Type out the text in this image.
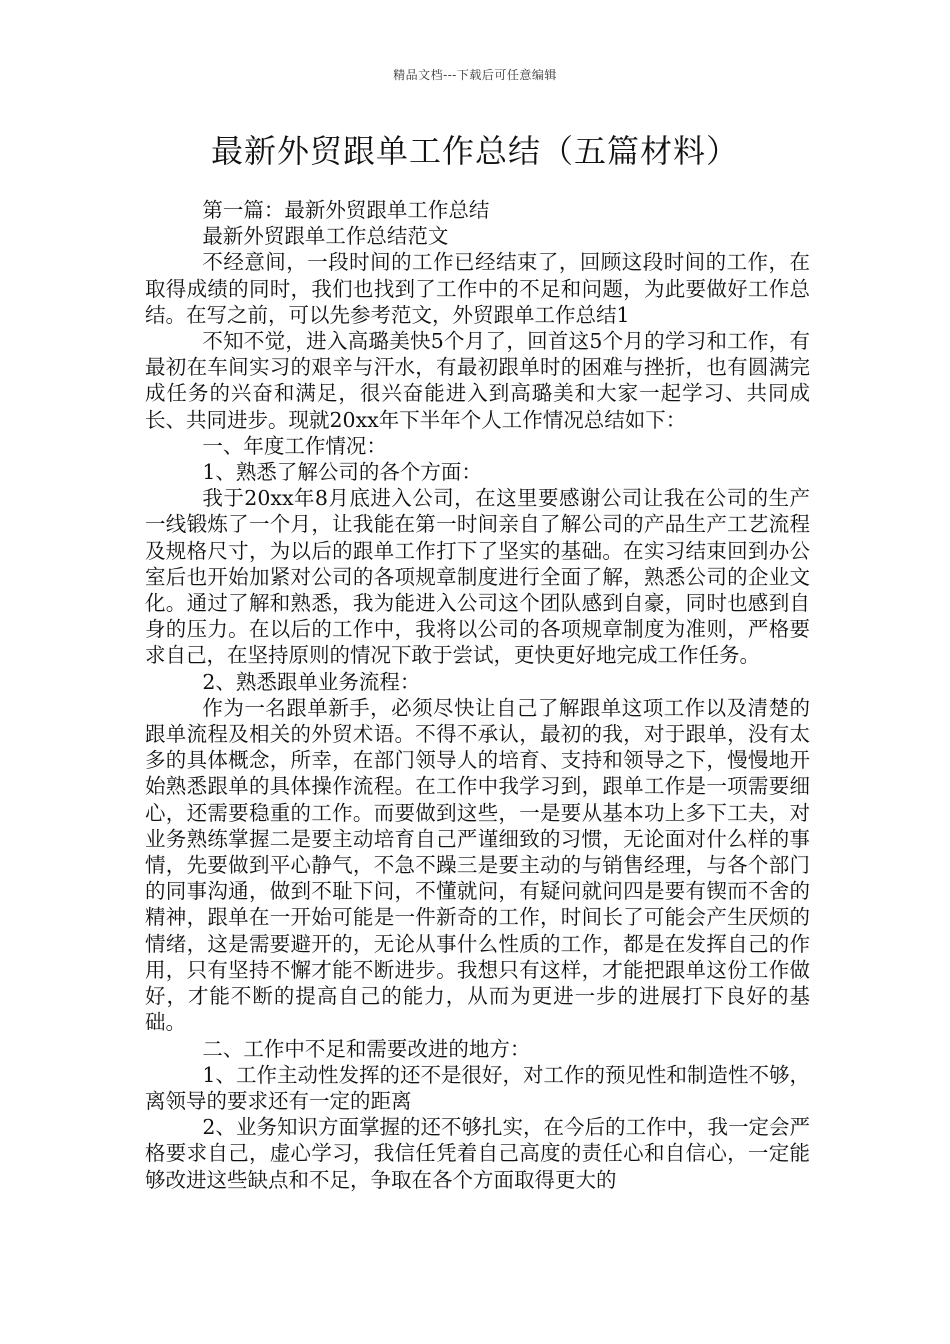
精品文档---下载后可任意编辑
最新外贸跟单工作总结（五篇材料）

第一篇：最新外贸跟单工作总结

最新外贸跟单工作总结范文

不经意间，一段时间的工作已经结束了，回顾这段时间的工作，在取得成绩的同时，我们也找到了工作中的不足和问题，为此要做好工作总结。在写之前，可以先参考范文，外贸跟单工作总结1

不知不觉，进入高璐美快5个月了，回首这5个月的学习和工作，有最初在车间实习的艰辛与汗水，有最初跟单时的困难与挫折，也有圆满完成任务的兴奋和满足，很兴奋能进入到高璐美和大家一起学习、共同成长、共同进步。现就20xx年下半年个人工作情况总结如下：

一、年度工作情况：

1、熟悉了解公司的各个方面：

我于20xx年8月底进入公司，在这里要感谢公司让我在公司的生产一线锻炼了一个月，让我能在第一时间亲自了解公司的产品生产工艺流程及规格尺寸，为以后的跟单工作打下了坚实的基础。在实习结束回到办公室后也开始加紧对公司的各项规章制度进行全面了解，熟悉公司的企业文化。通过了解和熟悉，我为能进入公司这个团队感到自豪，同时也感到自身的压力。在以后的工作中，我将以公司的各项规章制度为准则，严格要求自己，在坚持原则的情况下敢于尝试，更快更好地完成工作任务。

2、熟悉跟单业务流程：

作为一名跟单新手，必须尽快让自己了解跟单这项工作以及清楚的跟单流程及相关的外贸术语。不得不承认，最初的我，对于跟单，没有太多的具体概念，所幸，在部门领导人的培育、支持和领导之下，慢慢地开始熟悉跟单的具体操作流程。在工作中我学习到，跟单工作是一项需要细心，还需要稳重的工作。而要做到这些，一是要从基本功上多下工夫，对业务熟练掌握二是要主动培育自己严谨细致的习惯，无论面对什么样的事情，先要做到平心静气，不急不躁三是要主动的与销售经理，与各个部门的同事沟通，做到不耻下问，不懂就问，有疑问就问四是要有锲而不舍的精神，跟单在一开始可能是一件新奇的工作，时间长了可能会产生厌烦的情绪，这是需要避开的，无论从事什么性质的工作，都是在发挥自己的作用，只有坚持不懈才能不断进步。我想只有这样，才能把跟单这份工作做好，才能不断的提高自己的能力，从而为更进一步的进展打下良好的基础。

二、工作中不足和需要改进的地方：

1、工作主动性发挥的还不是很好，对工作的预见性和制造性不够，离领导的要求还有一定的距离

2、业务知识方面掌握的还不够扎实，在今后的工作中，我一定会严格要求自己，虚心学习，我信任凭着自己高度的责任心和自信心，一定能够改进这些缺点和不足，争取在各个方面取得更大的
